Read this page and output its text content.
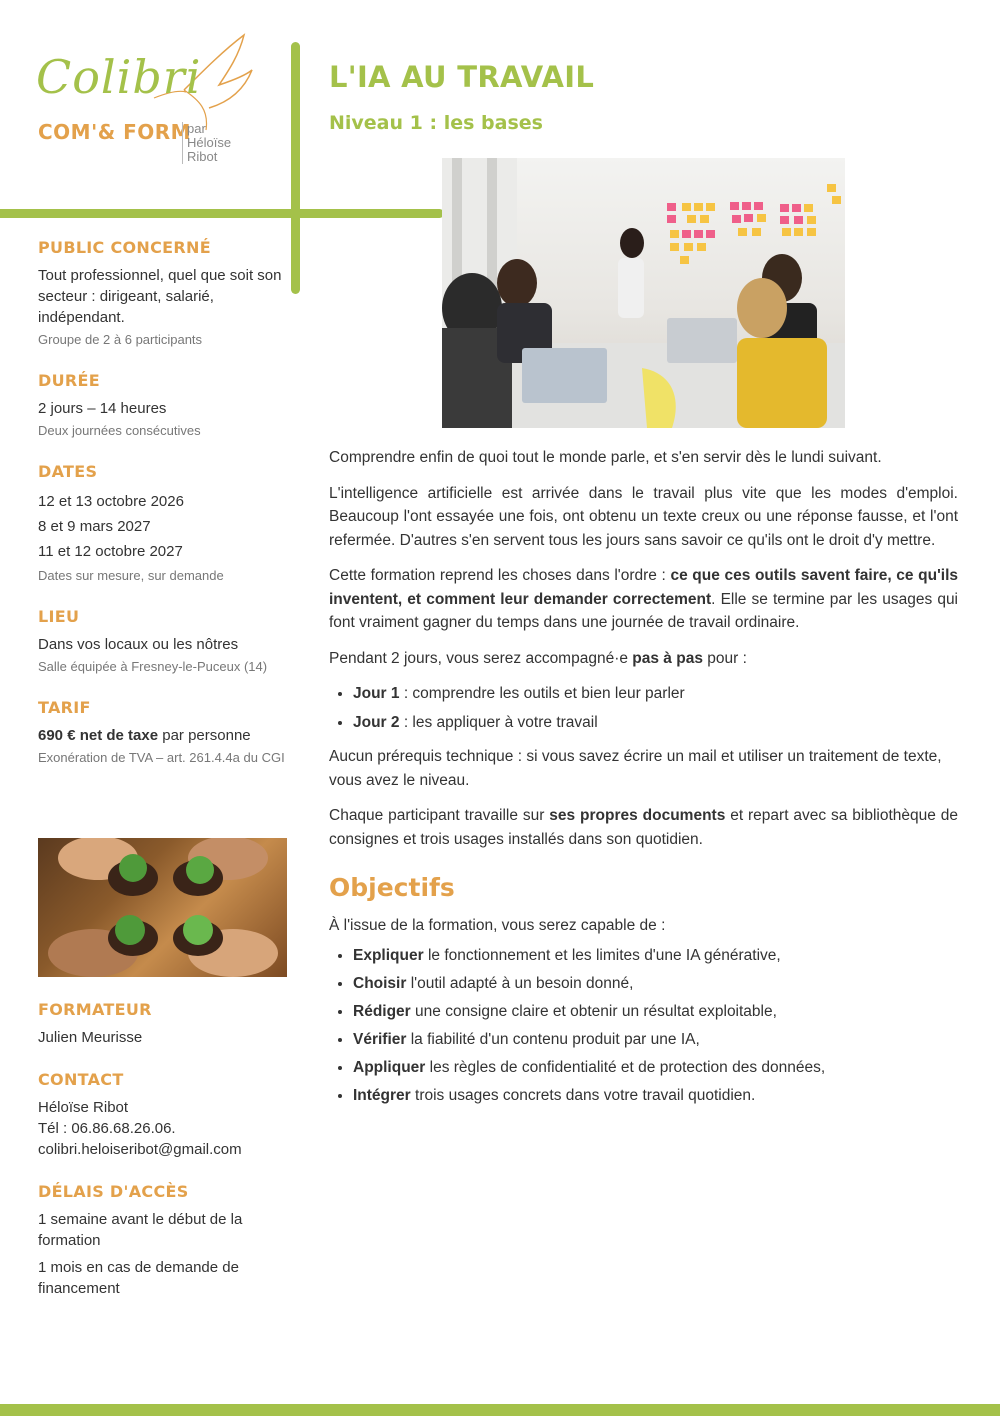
Colibri
COM'& FORM
par
Héloïse
Ribot
L'IA AU TRAVAIL
Niveau 1 : les bases
PUBLIC CONCERNÉ

Tout professionnel, quel que soit son secteur : dirigeant, salarié, indépendant.

Groupe de 2 à 6 participants

DURÉE

2 jours – 14 heures

Deux journées consécutives

DATES

12 et 13 octobre 2026

8 et 9 mars 2027

11 et 12 octobre 2027

Dates sur mesure, sur demande

LIEU

Dans vos locaux ou les nôtres

Salle équipée à Fresney-le-Puceux (14)

TARIF

690 € net de taxe par personne

Exonération de TVA – art. 261.4.4a du CGI

FORMATEUR

Julien Meurisse

CONTACT

Héloïse Ribot

Tél : 06.86.68.26.06.

colibri.heloiseribot@gmail.com

DÉLAIS D'ACCÈS

1 semaine avant le début de la formation

1 mois en cas de demande de financement

Comprendre enfin de quoi tout le monde parle, et s'en servir dès le lundi suivant.

L'intelligence artificielle est arrivée dans le travail plus vite que les modes d'emploi. Beaucoup l'ont essayée une fois, ont obtenu un texte creux ou une réponse fausse, et l'ont refermée. D'autres s'en servent tous les jours sans savoir ce qu'ils ont le droit d'y mettre.

Cette formation reprend les choses dans l'ordre : ce que ces outils savent faire, ce qu'ils inventent, et comment leur demander correctement. Elle se termine par les usages qui font vraiment gagner du temps dans une journée de travail ordinaire.

Pendant 2 jours, vous serez accompagné·e pas à pas pour :

• Jour 1 : comprendre les outils et bien leur parler
• Jour 2 : les appliquer à votre travail

Aucun prérequis technique : si vous savez écrire un mail et utiliser un traitement de texte, vous avez le niveau.

Chaque participant travaille sur ses propres documents et repart avec sa bibliothèque de consignes et trois usages installés dans son quotidien.

Objectifs

À l'issue de la formation, vous serez capable de :

• Expliquer le fonctionnement et les limites d'une IA générative,
• Choisir l'outil adapté à un besoin donné,
• Rédiger une consigne claire et obtenir un résultat exploitable,
• Vérifier la fiabilité d'un contenu produit par une IA,
• Appliquer les règles de confidentialité et de protection des données,
• Intégrer trois usages concrets dans votre travail quotidien.
